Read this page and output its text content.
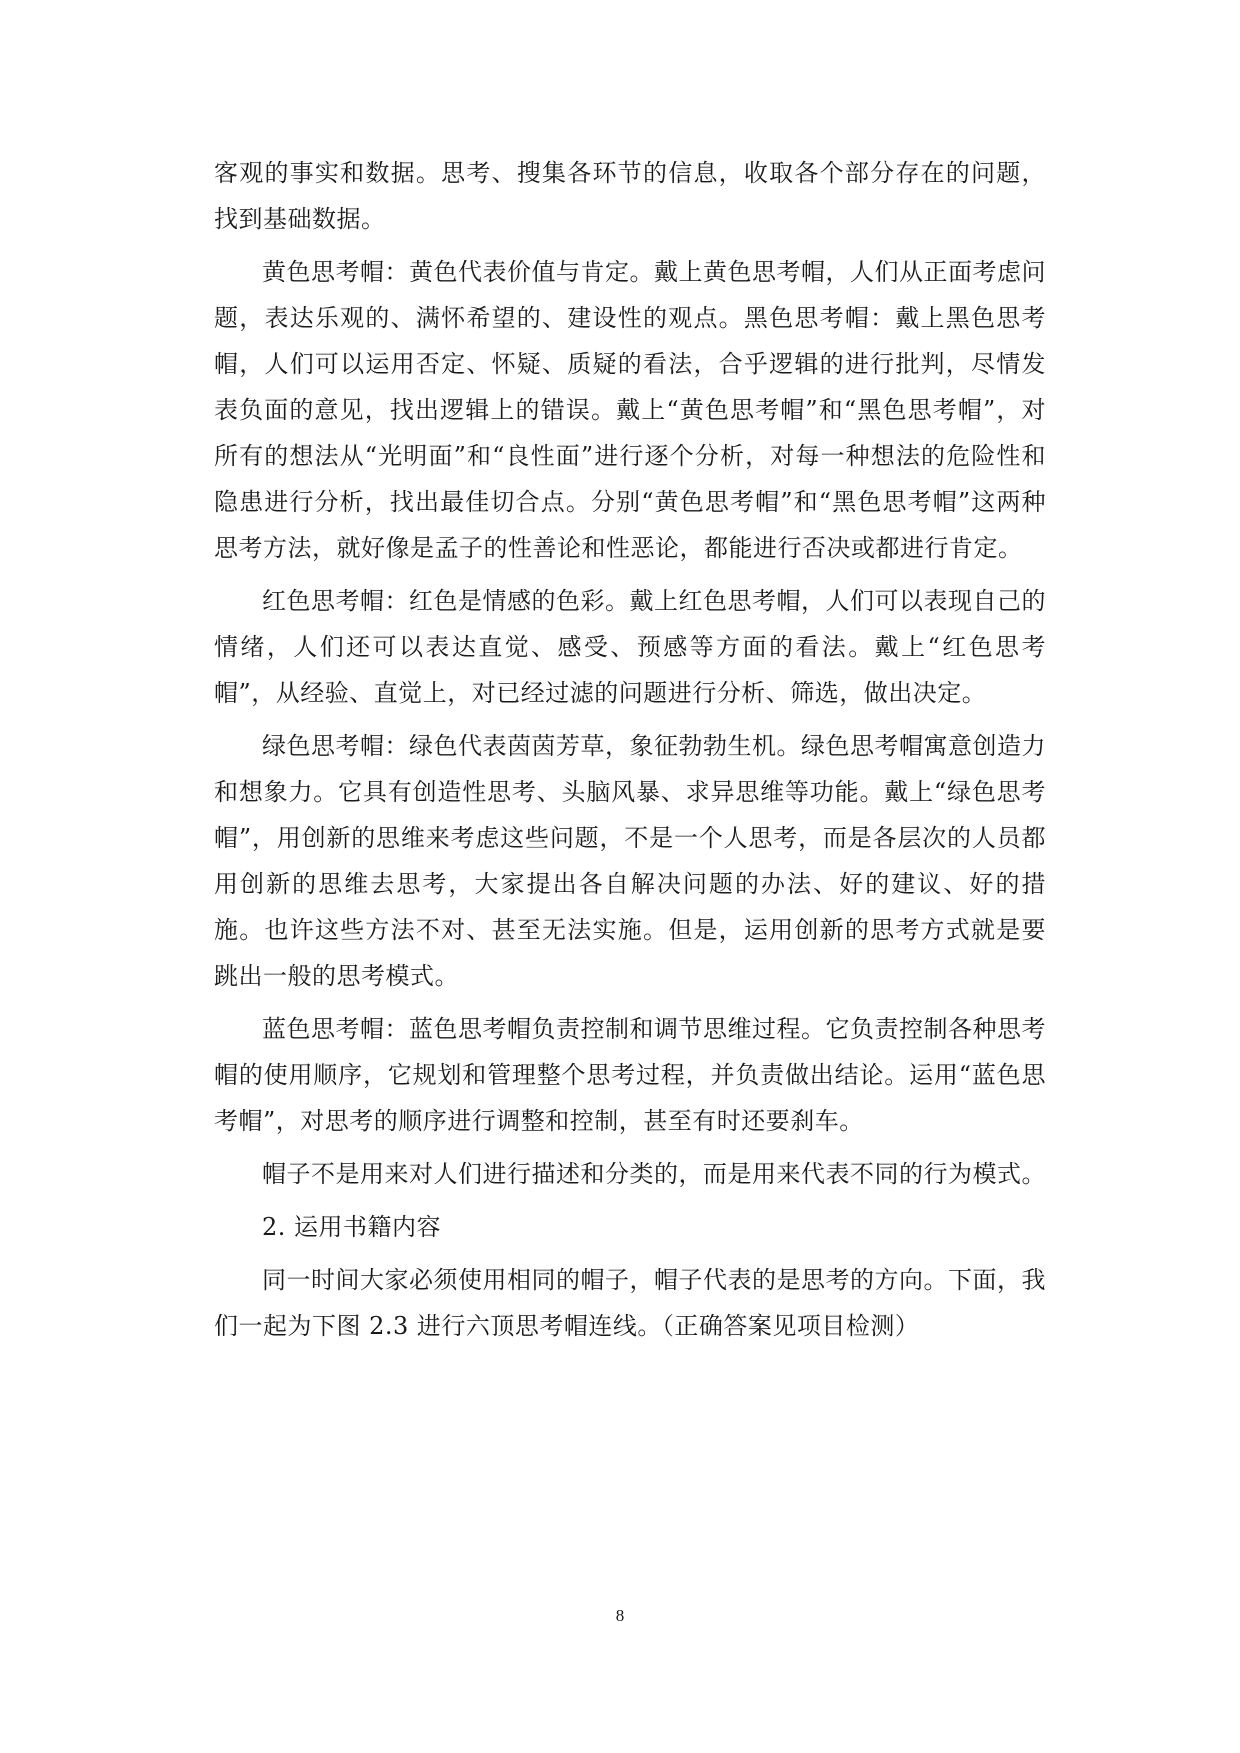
客观的事实和数据。思考、搜集各环节的信息，收取各个部分存在的问题，找到基础数据。

黄色思考帽：黄色代表价值与肯定。戴上黄色思考帽，人们从正面考虑问题，表达乐观的、满怀希望的、建设性的观点。黑色思考帽：戴上黑色思考帽，人们可以运用否定、怀疑、质疑的看法，合乎逻辑的进行批判，尽情发表负面的意见，找出逻辑上的错误。戴上“黄色思考帽”和“黑色思考帽”，对所有的想法从“光明面”和“良性面”进行逐个分析，对每一种想法的危险性和隐患进行分析，找出最佳切合点。分别“黄色思考帽”和“黑色思考帽”这两种思考方法，就好像是孟子的性善论和性恶论，都能进行否决或都进行肯定。

红色思考帽：红色是情感的色彩。戴上红色思考帽，人们可以表现自己的情绪，人们还可以表达直觉、感受、预感等方面的看法。戴上“红色思考帽”，从经验、直觉上，对已经过滤的问题进行分析、筛选，做出决定。

绿色思考帽：绿色代表茵茵芳草，象征勃勃生机。绿色思考帽寓意创造力和想象力。它具有创造性思考、头脑风暴、求异思维等功能。戴上“绿色思考帽”，用创新的思维来考虑这些问题，不是一个人思考，而是各层次的人员都用创新的思维去思考，大家提出各自解决问题的办法、好的建议、好的措施。也许这些方法不对、甚至无法实施。但是，运用创新的思考方式就是要跳出一般的思考模式。

蓝色思考帽：蓝色思考帽负责控制和调节思维过程。它负责控制各种思考帽的使用顺序，它规划和管理整个思考过程，并负责做出结论。运用“蓝色思考帽”，对思考的顺序进行调整和控制，甚至有时还要刹车。

帽子不是用来对人们进行描述和分类的，而是用来代表不同的行为模式。

2. 运用书籍内容

同一时间大家必须使用相同的帽子，帽子代表的是思考的方向。下面，我们一起为下图 2.3 进行六顶思考帽连线。（正确答案见项目检测）

8
